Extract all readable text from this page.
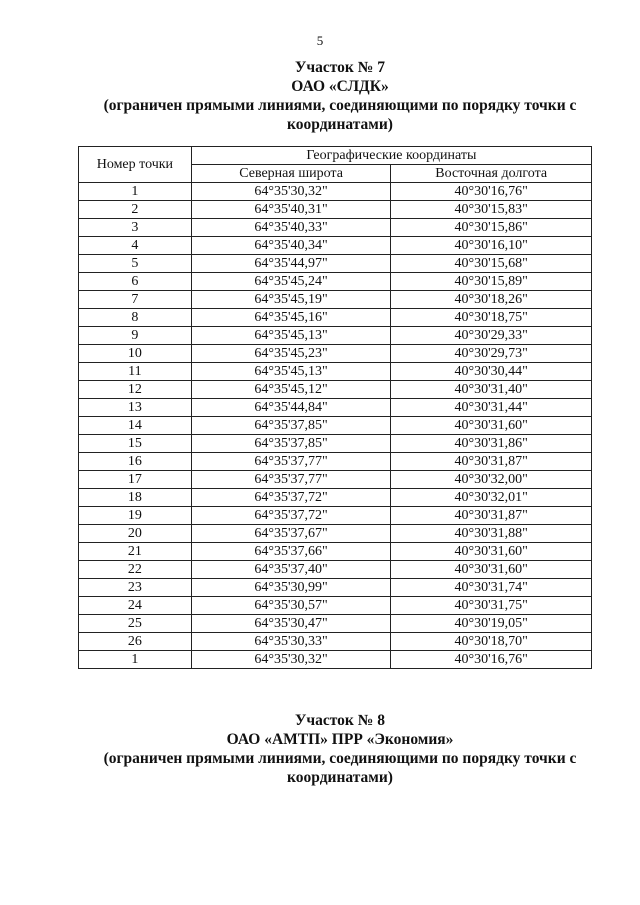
5
Участок № 7
ОАО «СЛДК»
(ограничен прямыми линиями, соединяющими по порядку точки с
координатами)
Номер точки	Географические координаты	
	Северная широта	Восточная долгота
1	64°35'30,32"	40°30'16,76"
2	64°35'40,31"	40°30'15,83"
3	64°35'40,33"	40°30'15,86"
4	64°35'40,34"	40°30'16,10"
5	64°35'44,97"	40°30'15,68"
6	64°35'45,24"	40°30'15,89"
7	64°35'45,19"	40°30'18,26"
8	64°35'45,16"	40°30'18,75"
9	64°35'45,13"	40°30'29,33"
10	64°35'45,23"	40°30'29,73"
11	64°35'45,13"	40°30'30,44"
12	64°35'45,12"	40°30'31,40"
13	64°35'44,84"	40°30'31,44"
14	64°35'37,85"	40°30'31,60"
15	64°35'37,85"	40°30'31,86"
16	64°35'37,77"	40°30'31,87"
17	64°35'37,77"	40°30'32,00"
18	64°35'37,72"	40°30'32,01"
19	64°35'37,72"	40°30'31,87"
20	64°35'37,67"	40°30'31,88"
21	64°35'37,66"	40°30'31,60"
22	64°35'37,40"	40°30'31,60"
23	64°35'30,99"	40°30'31,74"
24	64°35'30,57"	40°30'31,75"
25	64°35'30,47"	40°30'19,05"
26	64°35'30,33"	40°30'18,70"
1	64°35'30,32"	40°30'16,76"
Участок № 8
ОАО «АМТП» ПРР «Экономия»
(ограничен прямыми линиями, соединяющими по порядку точки с
координатами)
